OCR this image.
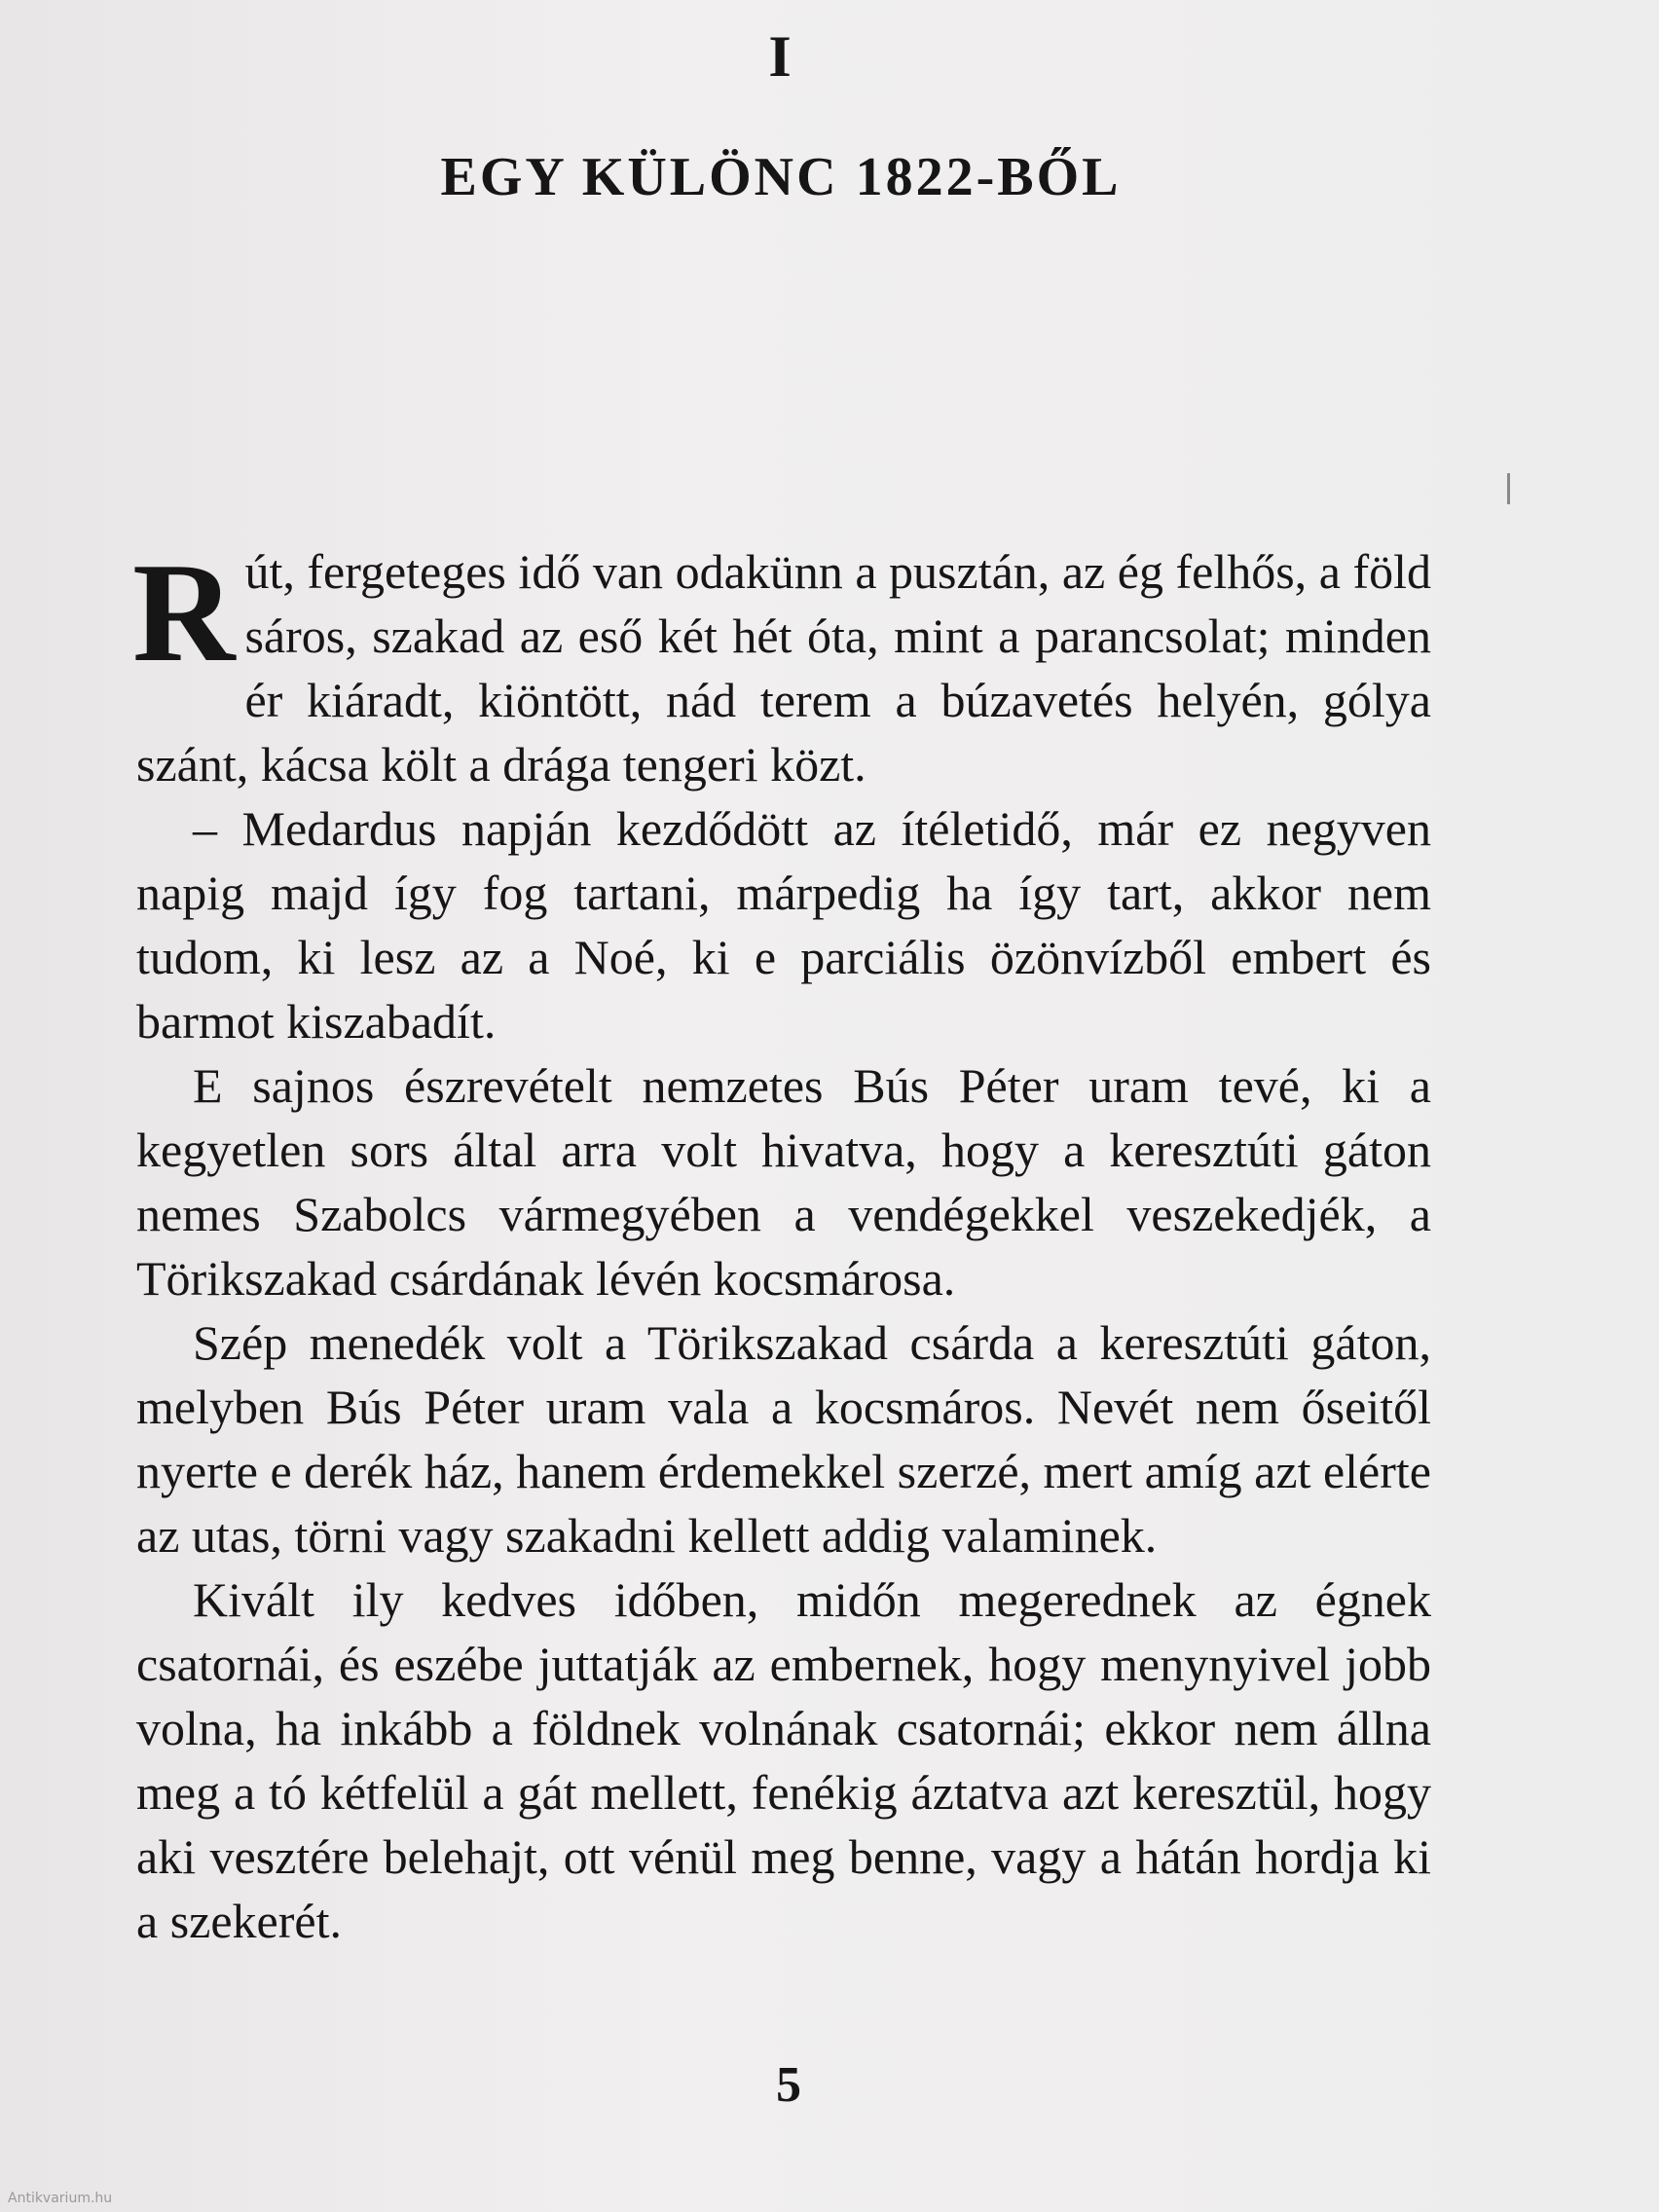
I
EGY KÜLÖNC 1822-BŐL

Rút, fergeteges idő van odakünn a pusztán, az ég felhős, a föld sáros, szakad az eső két hét óta, mint a parancsolat; minden ér kiáradt, kiöntött, nád terem a búzavetés helyén, gólya szánt, kácsa költ a drága tengeri közt.

– Medardus napján kezdődött az ítéletidő, már ez negyven napig majd így fog tartani, márpedig ha így tart, akkor nem tudom, ki lesz az a Noé, ki e parciális özönvízből embert és barmot kiszabadít.

E sajnos észrevételt nemzetes Bús Péter uram tevé, ki a kegyetlen sors által arra volt hivatva, hogy a keresztúti gáton nemes Szabolcs vármegyében a vendégekkel veszekedjék, a Törikszakad csárdának lévén kocsmárosa.

Szép menedék volt a Törikszakad csárda a keresztúti gáton, melyben Bús Péter uram vala a kocsmáros. Nevét nem őseitől nyerte e derék ház, hanem érdemekkel szerzé, mert amíg azt elérte az utas, törni vagy szakadni kellett addig valaminek.

Kivált ily kedves időben, midőn megerednek az égnek csatornái, és eszébe juttatják az embernek, hogy menynyivel jobb volna, ha inkább a földnek volnának csatornái; ekkor nem állna meg a tó kétfelül a gát mellett, fenékig áztatva azt keresztül, hogy aki vesztére belehajt, ott vénül meg benne, vagy a hátán hordja ki a szekerét.

5
Antikvarium.hu
